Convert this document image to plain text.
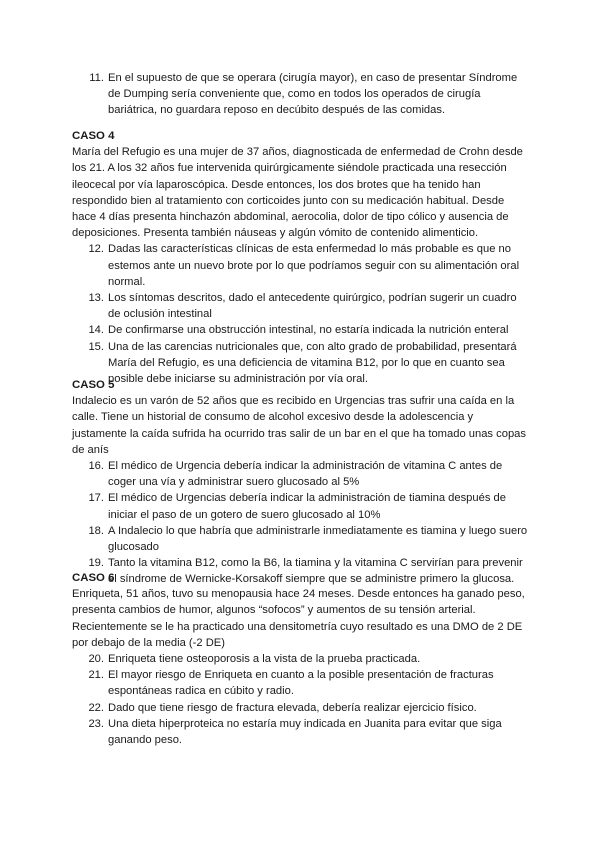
11. En el supuesto de que se operara (cirugía mayor), en caso de presentar Síndrome de Dumping sería conveniente que, como en todos los operados de cirugía bariátrica, no guardara reposo en decúbito después de las comidas.

CASO 4

María del Refugio es una mujer de 37 años, diagnosticada de enfermedad de Crohn desde los 21. A los 32 años fue intervenida quirúrgicamente siéndole practicada una resección ileocecal por vía laparoscópica. Desde entonces, los dos brotes que ha tenido han respondido bien al tratamiento con corticoides junto con su medicación habitual. Desde hace 4 días presenta hinchazón abdominal, aerocolia, dolor de tipo cólico y ausencia de deposiciones. Presenta también náuseas y algún vómito de contenido alimenticio.

12. Dadas las características clínicas de esta enfermedad lo más probable es que no estemos ante un nuevo brote por lo que podríamos seguir con su alimentación oral normal.
13. Los síntomas descritos, dado el antecedente quirúrgico, podrían sugerir un cuadro de oclusión intestinal
14. De confirmarse una obstrucción intestinal, no estaría indicada la nutrición enteral
15. Una de las carencias nutricionales que, con alto grado de probabilidad, presentará María del Refugio, es una deficiencia de vitamina B12, por lo que en cuanto sea posible debe iniciarse su administración por vía oral.

CASO 5

Indalecio es un varón de 52 años que es recibido en Urgencias tras sufrir una caída en la calle. Tiene un historial de consumo de alcohol excesivo desde la adolescencia y justamente la caída sufrida ha ocurrido tras salir de un bar en el que ha tomado unas copas de anís

16. El médico de Urgencia debería indicar la administración de vitamina C antes de coger una vía y administrar suero glucosado al 5%
17. El médico de Urgencias debería indicar la administración de tiamina después de iniciar el paso de un gotero de suero glucosado al 10%
18. A Indalecio lo que habría que administrarle inmediatamente es tiamina y luego suero glucosado
19. Tanto la vitamina B12, como la B6, la tiamina y la vitamina C servirían para prevenir el síndrome de Wernicke-Korsakoff siempre que se administre primero la glucosa.

CASO 6

Enriqueta, 51 años, tuvo su menopausia hace 24 meses. Desde entonces ha ganado peso, presenta cambios de humor, algunos “sofocos” y aumentos de su tensión arterial. Recientemente se le ha practicado una densitometría cuyo resultado es una DMO de 2 DE por debajo de la media (-2 DE)

20. Enriqueta tiene osteoporosis a la vista de la prueba practicada.
21. El mayor riesgo de Enriqueta en cuanto a la posible presentación de fracturas espontáneas radica en cúbito y radio.
22. Dado que tiene riesgo de fractura elevada, debería realizar ejercicio físico.
23. Una dieta hiperproteica no estaría muy indicada en Juanita para evitar que siga ganando peso.
